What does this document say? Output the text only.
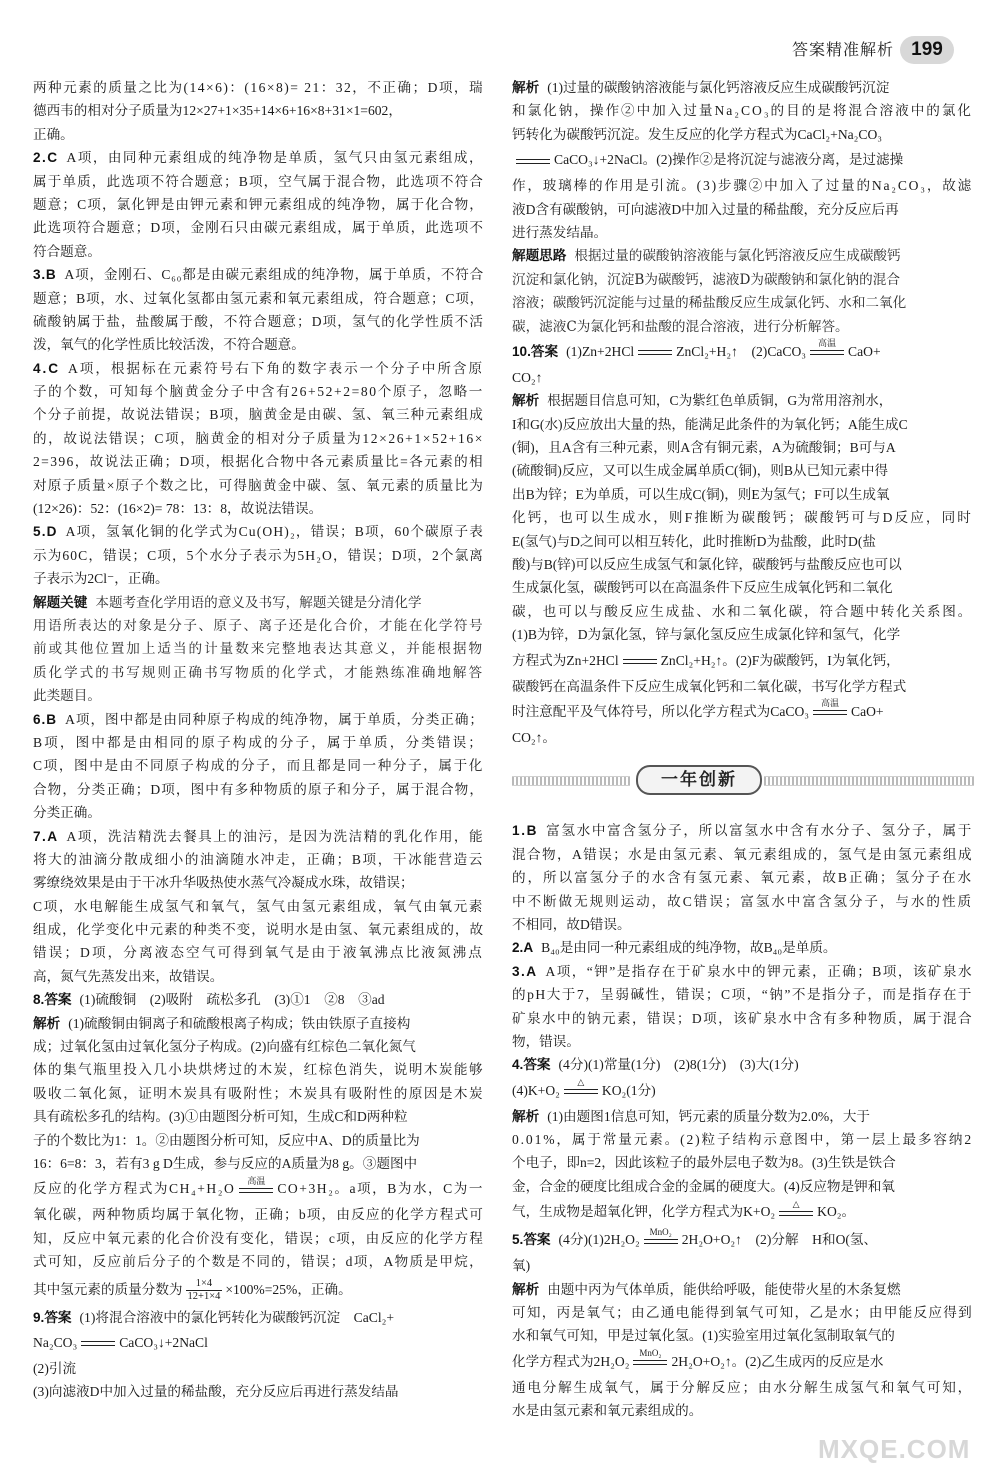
答案精准解析 199
两种元素的质量之比为(14×6)：(16×8)= 21：32，不正确；D项，瑞
德西韦的相对分子质量为12×27+1×35+14×6+16×8+31×1=602，
正确。
2.C A项，由同种元素组成的纯净物是单质，氢气只由氢元素组成，
属于单质，此选项不符合题意；B项，空气属于混合物，此选项不符合
题意；C项，氯化钾是由钾元素和钾元素组成的纯净物，属于化合物，
此选项符合题意；D项，金刚石只由碳元素组成，属于单质，此选项不
符合题意。
3.B A项，金刚石、C₆₀都是由碳元素组成的纯净物，属于单质，不符合
题意；B项，水、过氧化氢都由氢元素和氧元素组成，符合题意；C项，
硫酸钠属于盐，盐酸属于酸，不符合题意；D项，氢气的化学性质不活
泼，氧气的化学性质比较活泼，不符合题意。
4.C A项，根据标在元素符号右下角的数字表示一个分子中所含原
子的个数，可知每个脑黄金分子中含有26+52+2=80个原子，忽略一
个分子前提，故说法错误；B项，脑黄金是由碳、氢、氧三种元素组成
的，故说法错误；C项，脑黄金的相对分子质量为12×26+1×52+16×
2=396，故说法正确；D项，根据化合物中各元素质量比=各元素的相
对原子质量×原子个数之比，可得脑黄金中碳、氢、氧元素的质量比为
(12×26)：52：(16×2)= 78：13：8，故说法错误。
5.D A项，氢氧化铜的化学式为Cu(OH)₂，错误；B项，60个碳原子表
示为60C，错误；C项，5个水分子表示为5H₂O，错误；D项，2个氯离
子表示为2Cl⁻，正确。
解题关键 本题考查化学用语的意义及书写，解题关键是分清化学
用语所表达的对象是分子、原子、离子还是化合价，才能在化学符号
前或其他位置加上适当的计量数来完整地表达其意义，并能根据物
质化学式的书写规则正确书写物质的化学式，才能熟练准确地解答
此类题目。
6.B A项，图中都是由同种原子构成的纯净物，属于单质，分类正确；
B项，图中都是由相同的原子构成的分子，属于单质，分类错误；
C项，图中是由不同原子构成的分子，而且都是同一种分子，属于化
合物，分类正确；D项，图中有多种物质的原子和分子，属于混合物，
分类正确。
7.A A项，洗洁精洗去餐具上的油污，是因为洗洁精的乳化作用，能
将大的油滴分散成细小的油滴随水冲走，正确；B项，干冰能营造云
雾缭绕效果是由于干冰升华吸热使水蒸气冷凝成水珠，故错误；
C项，水电解能生成氢气和氧气，氢气由氢元素组成，氧气由氧元素
组成，化学变化中元素的种类不变，说明水是由氢、氧元素组成的，故
错误；D项，分离液态空气可得到氧气是由于液氧沸点比液氮沸点
高，氮气先蒸发出来，故错误。
8.答案 (1)硫酸铜　(2)吸附　疏松多孔　(3)①1　②8　③ad
解析 (1)硫酸铜由铜离子和硫酸根离子构成；铁由铁原子直接构
成；过氧化氢由过氧化氢分子构成。(2)向盛有红棕色二氧化氮气
体的集气瓶里投入几小块烘烤过的木炭，红棕色消失，说明木炭能够
吸收二氧化氮，证明木炭具有吸附性；木炭具有吸附性的原因是木炭
具有疏松多孔的结构。(3)①由题图分析可知，生成C和D两种粒
子的个数比为1：1。②由题图分析可知，反应中A、D的质量比为
16：6=8：3，若有3 g D生成，参与反应的A质量为8 g。③题图中
反应的化学方程式为CH₄+H₂O
高温
CO+3H₂。a项，B为水，C为一
氧化碳，两种物质均属于氧化物，正确；b项，由反应的化学方程式可
知，反应中氧元素的化合价没有变化，错误；c项，由反应的化学方程
式可知，反应前后分子的个数是不同的，错误；d项，A物质是甲烷，
其中氢元素的质量分数为 $\frac{1\times 4}{12+1\times 4} \times 100\%=25\%$，正确。
9.答案 (1)将混合溶液中的氯化钙转化为碳酸钙沉淀　CaCl₂+
Na₂CO₃	CaCO₃↓+2NaCl
(2)引流
(3)向滤液D中加入过量的稀盐酸，充分反应后再进行蒸发结晶
解析 (1)过量的碳酸钠溶液能与氯化钙溶液反应生成碳酸钙沉淀
和氯化钠，操作②中加入过量Na₂CO₃的目的是将混合溶液中的氯化
钙转化为碳酸钙沉淀。发生反应的化学方程式为CaCl₂+Na₂CO₃
CaCO₃↓+2NaCl。(2)操作②是将沉淀与滤液分离，是过滤操
作，玻璃棒的作用是引流。(3)步骤②中加入了过量的Na₂CO₃，故滤
液D含有碳酸钠，可向滤液D中加入过量的稀盐酸，充分反应后再
进行蒸发结晶。
解题思路 根据过量的碳酸钠溶液能与氯化钙溶液反应生成碳酸钙
沉淀和氯化钠，沉淀B为碳酸钙，滤液D为碳酸钠和氯化钠的混合
溶液；碳酸钙沉淀能与过量的稀盐酸反应生成氯化钙、水和二氧化
碳，滤液C为氯化钙和盐酸的混合溶液，进行分析解答。
10.答案 (1)Zn+2HCl	ZnCl₂+H₂↑　(2)CaCO₃
高温
CaO+
CO₂↑
解析 根据题目信息可知，C为紫红色单质铜，G为常用溶剂水，
I和G(水)反应放出大量的热，能满足此条件的为氧化钙；A能生成C
(铜)，且A含有三种元素，则A含有铜元素，A为硫酸铜；B可与A
(硫酸铜)反应，又可以生成金属单质C(铜)，则B从已知元素中得
出B为锌；E为单质，可以生成C(铜)，则E为氢气；F可以生成氧
化钙，也可以生成水，则F推断为碳酸钙；碳酸钙可与D反应，同时
E(氢气)与D之间可以相互转化，此时推断D为盐酸，此时D(盐
酸)与B(锌)可以反应生成氢气和氯化锌，碳酸钙与盐酸反应也可以
生成氯化氢，碳酸钙可以在高温条件下反应生成氧化钙和二氧化
碳，也可以与酸反应生成盐、水和二氧化碳，符合题中转化关系图。
(1)B为锌，D为氯化氢，锌与氯化氢反应生成氯化锌和氢气，化学
方程式为Zn+2HCl	ZnCl₂+H₂↑。(2)F为碳酸钙，I为氧化钙，
碳酸钙在高温条件下反应生成氧化钙和二氧化碳，书写化学方程式
时注意配平及气体符号，所以化学方程式为CaCO₃
高温
CaO+
CO₂↑。
一年创新
1.B 富氢水中富含氢分子，所以富氢水中含有水分子、氢分子，属于
混合物，A错误；水是由氢元素、氧元素组成的，氢气是由氢元素组成
的，所以富氢分子的水含有氢元素、氧元素，故B正确；氢分子在水
中不断做无规则运动，故C错误；富氢水中富含氢分子，与水的性质
不相同，故D错误。
2.A B₄₀是由同一种元素组成的纯净物，故B₄₀是单质。
3.A A项，“钾”是指存在于矿泉水中的钾元素，正确；B项，该矿泉水
的pH大于7，呈弱碱性，错误；C项，“钠”不是指分子，而是指存在于
矿泉水中的钠元素，错误；D项，该矿泉水中含有多种物质，属于混合
物，错误。
4.答案 (4分)(1)常量(1分)　(2)8(1分)　(3)大(1分)
(4)K+O₂
△
KO₂(1分)
解析 (1)由题图1信息可知，钙元素的质量分数为2.0%，大于
0.01%，属于常量元素。(2)粒子结构示意图中，第一层上最多容纳2
个电子，即n=2，因此该粒子的最外层电子数为8。(3)生铁是铁合
金，合金的硬度比组成合金的金属的硬度大。(4)反应物是钾和氧
气，生成物是超氧化钾，化学方程式为K+O₂
△
KO₂。
5.答案 (4分)(1)2H₂O₂
MnO₂
2H₂O+O₂↑　(2)分解　H和O(氢、
氧)
解析 由题中丙为气体单质，能供给呼吸，能使带火星的木条复燃
可知，丙是氧气；由乙通电能得到氧气可知，乙是水；由甲能反应得到
水和氧气可知，甲是过氧化氢。(1)实验室用过氧化氢制取氧气的
化学方程式为2H₂O₂
MnO₂
2H₂O+O₂↑。(2)乙生成丙的反应是水
通电分解生成氧气，属于分解反应；由水分解生成氢气和氧气可知，
水是由氢元素和氧元素组成的。
MXQE.COM
